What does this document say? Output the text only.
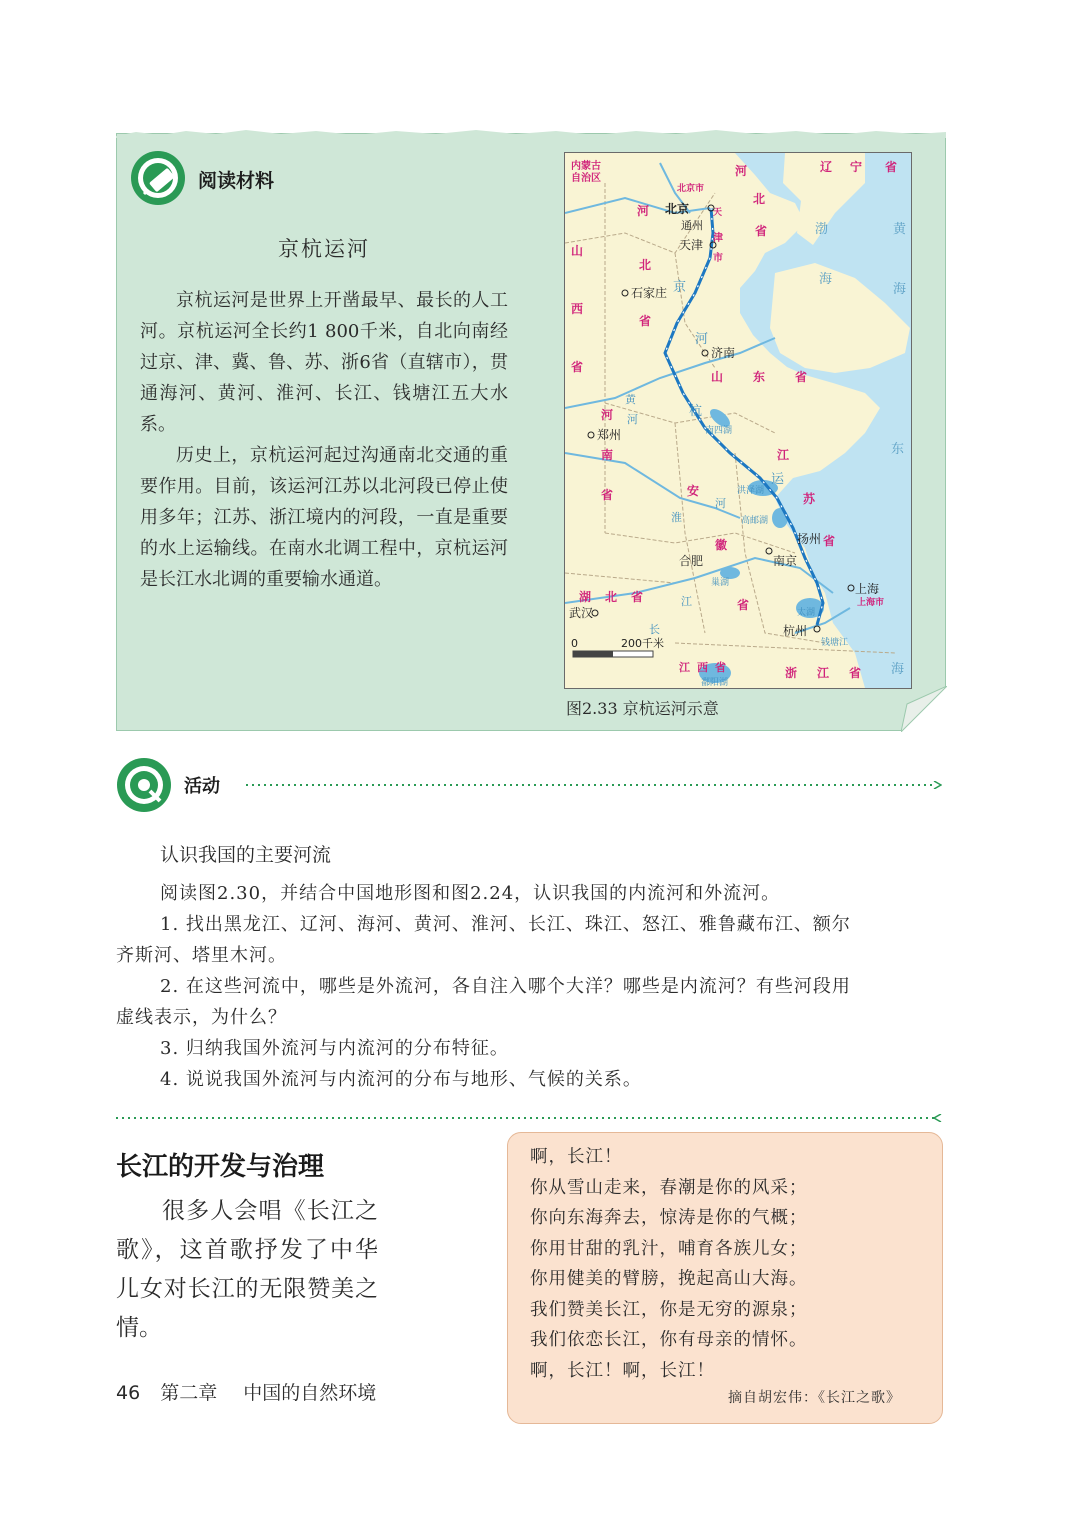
阅读材料
京杭运河

京杭运河是世界上开凿最早、最长的人工河。京杭运河全长约1 800千米，自北向南经过京、津、冀、鲁、苏、浙6省（直辖市），贯通海河、黄河、淮河、长江、钱塘江五大水系。

历史上，京杭运河起过沟通南北交通的重要作用。目前，该运河江苏以北河段已停止使用多年；江苏、浙江境内的河段，一直是重要的水上运输线。在南水北调工程中，京杭运河是长江水北调的重要输水通道。

内蒙古
自治区
北京市
河
北
省
辽 宁 省
天
津
市
山
西
省
河
北
省
山 东 省
河
南
省	安
徽
省
江
苏
省
湖 北 省
江 西 省	浙 江 省
上海市
北京
通州
天津
石家庄
济南
郑州
扬州
合肥	南京
上海
武汉
杭州
渤
海
黄
海
东
海
京
杭
运
河
黄
河
长
江
淮
河
南四湖
洪泽湖
高邮湖
巢湖
太湖
钱塘江
鄱阳湖
0	200千米
图2.33 京杭运河示意
活动
认识我国的主要河流
阅读图2.30，并结合中国地形图和图2.24，认识我国的内流河和外流河。
1. 找出黑龙江、辽河、海河、黄河、淮河、长江、珠江、怒江、雅鲁藏布江、额尔
齐斯河、塔里木河。
2. 在这些河流中，哪些是外流河，各自注入哪个大洋？哪些是内流河？有些河段用
虚线表示，为什么？
3. 归纳我国外流河与内流河的分布特征。
4. 说说我国外流河与内流河的分布与地形、气候的关系。
长江的开发与治理

很多人会唱《长江之歌》，这首歌抒发了中华儿女对长江的无限赞美之情。

啊，长江！
你从雪山走来，春潮是你的风采；
你向东海奔去，惊涛是你的气概；
你用甘甜的乳汁，哺育各族儿女；
你用健美的臂膀，挽起高山大海。
我们赞美长江，你是无穷的源泉；
我们依恋长江，你有母亲的情怀。
啊，长江！啊，长江！
摘自胡宏伟：《长江之歌》
46 第二章 中国的自然环境
